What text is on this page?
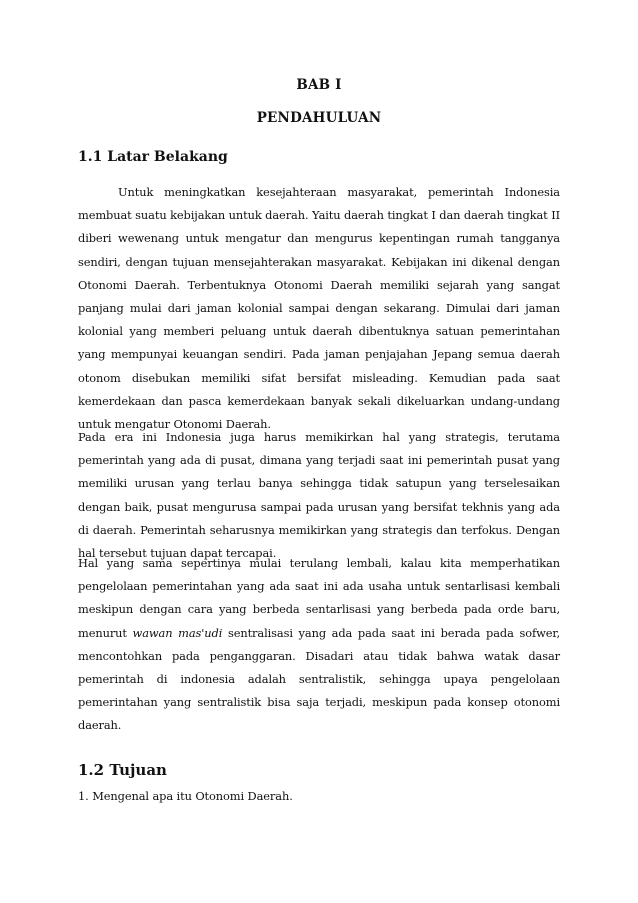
BAB I
PENDAHULUAN
1.1 Latar Belakang

Untuk meningkatkan kesejahteraan masyarakat, pemerintah Indonesia membuat suatu kebijakan untuk daerah. Yaitu daerah tingkat I dan daerah tingkat II diberi wewenang untuk mengatur dan mengurus kepentingan rumah tangganya sendiri, dengan tujuan mensejahterakan masyarakat. Kebijakan ini dikenal dengan Otonomi Daerah. Terbentuknya Otonomi Daerah memiliki sejarah yang sangat panjang mulai dari jaman kolonial sampai dengan sekarang. Dimulai dari jaman kolonial yang memberi peluang untuk daerah dibentuknya satuan pemerintahan yang mempunyai keuangan sendiri. Pada jaman penjajahan Jepang semua daerah otonom disebukan memiliki sifat bersifat misleading. Kemudian pada saat kemerdekaan dan pasca kemerdekaan banyak sekali dikeluarkan undang-undang untuk mengatur Otonomi Daerah.

Pada era ini Indonesia juga harus memikirkan hal yang strategis, terutama pemerintah yang ada di pusat, dimana yang terjadi saat ini pemerintah pusat yang memiliki urusan yang terlau banya sehingga tidak satupun yang terselesaikan dengan baik, pusat mengurusa sampai pada urusan yang bersifat tekhnis yang ada di daerah. Pemerintah seharusnya memikirkan yang strategis dan terfokus. Dengan hal tersebut tujuan dapat tercapai.

Hal yang sama sepertinya mulai terulang lembali, kalau kita memperhatikan pengelolaan pemerintahan yang ada saat ini ada usaha untuk sentarlisasi kembali meskipun dengan cara yang berbeda sentarlisasi yang berbeda pada orde baru, menurut wawan mas'udi sentralisasi yang ada pada saat ini berada pada sofwer, mencontohkan pada penganggaran. Disadari atau tidak bahwa watak dasar pemerintah di indonesia adalah sentralistik, sehingga upaya pengelolaan pemerintahan yang sentralistik bisa saja terjadi, meskipun pada konsep otonomi daerah.

1.2 Tujuan

1. Mengenal apa itu Otonomi Daerah.
